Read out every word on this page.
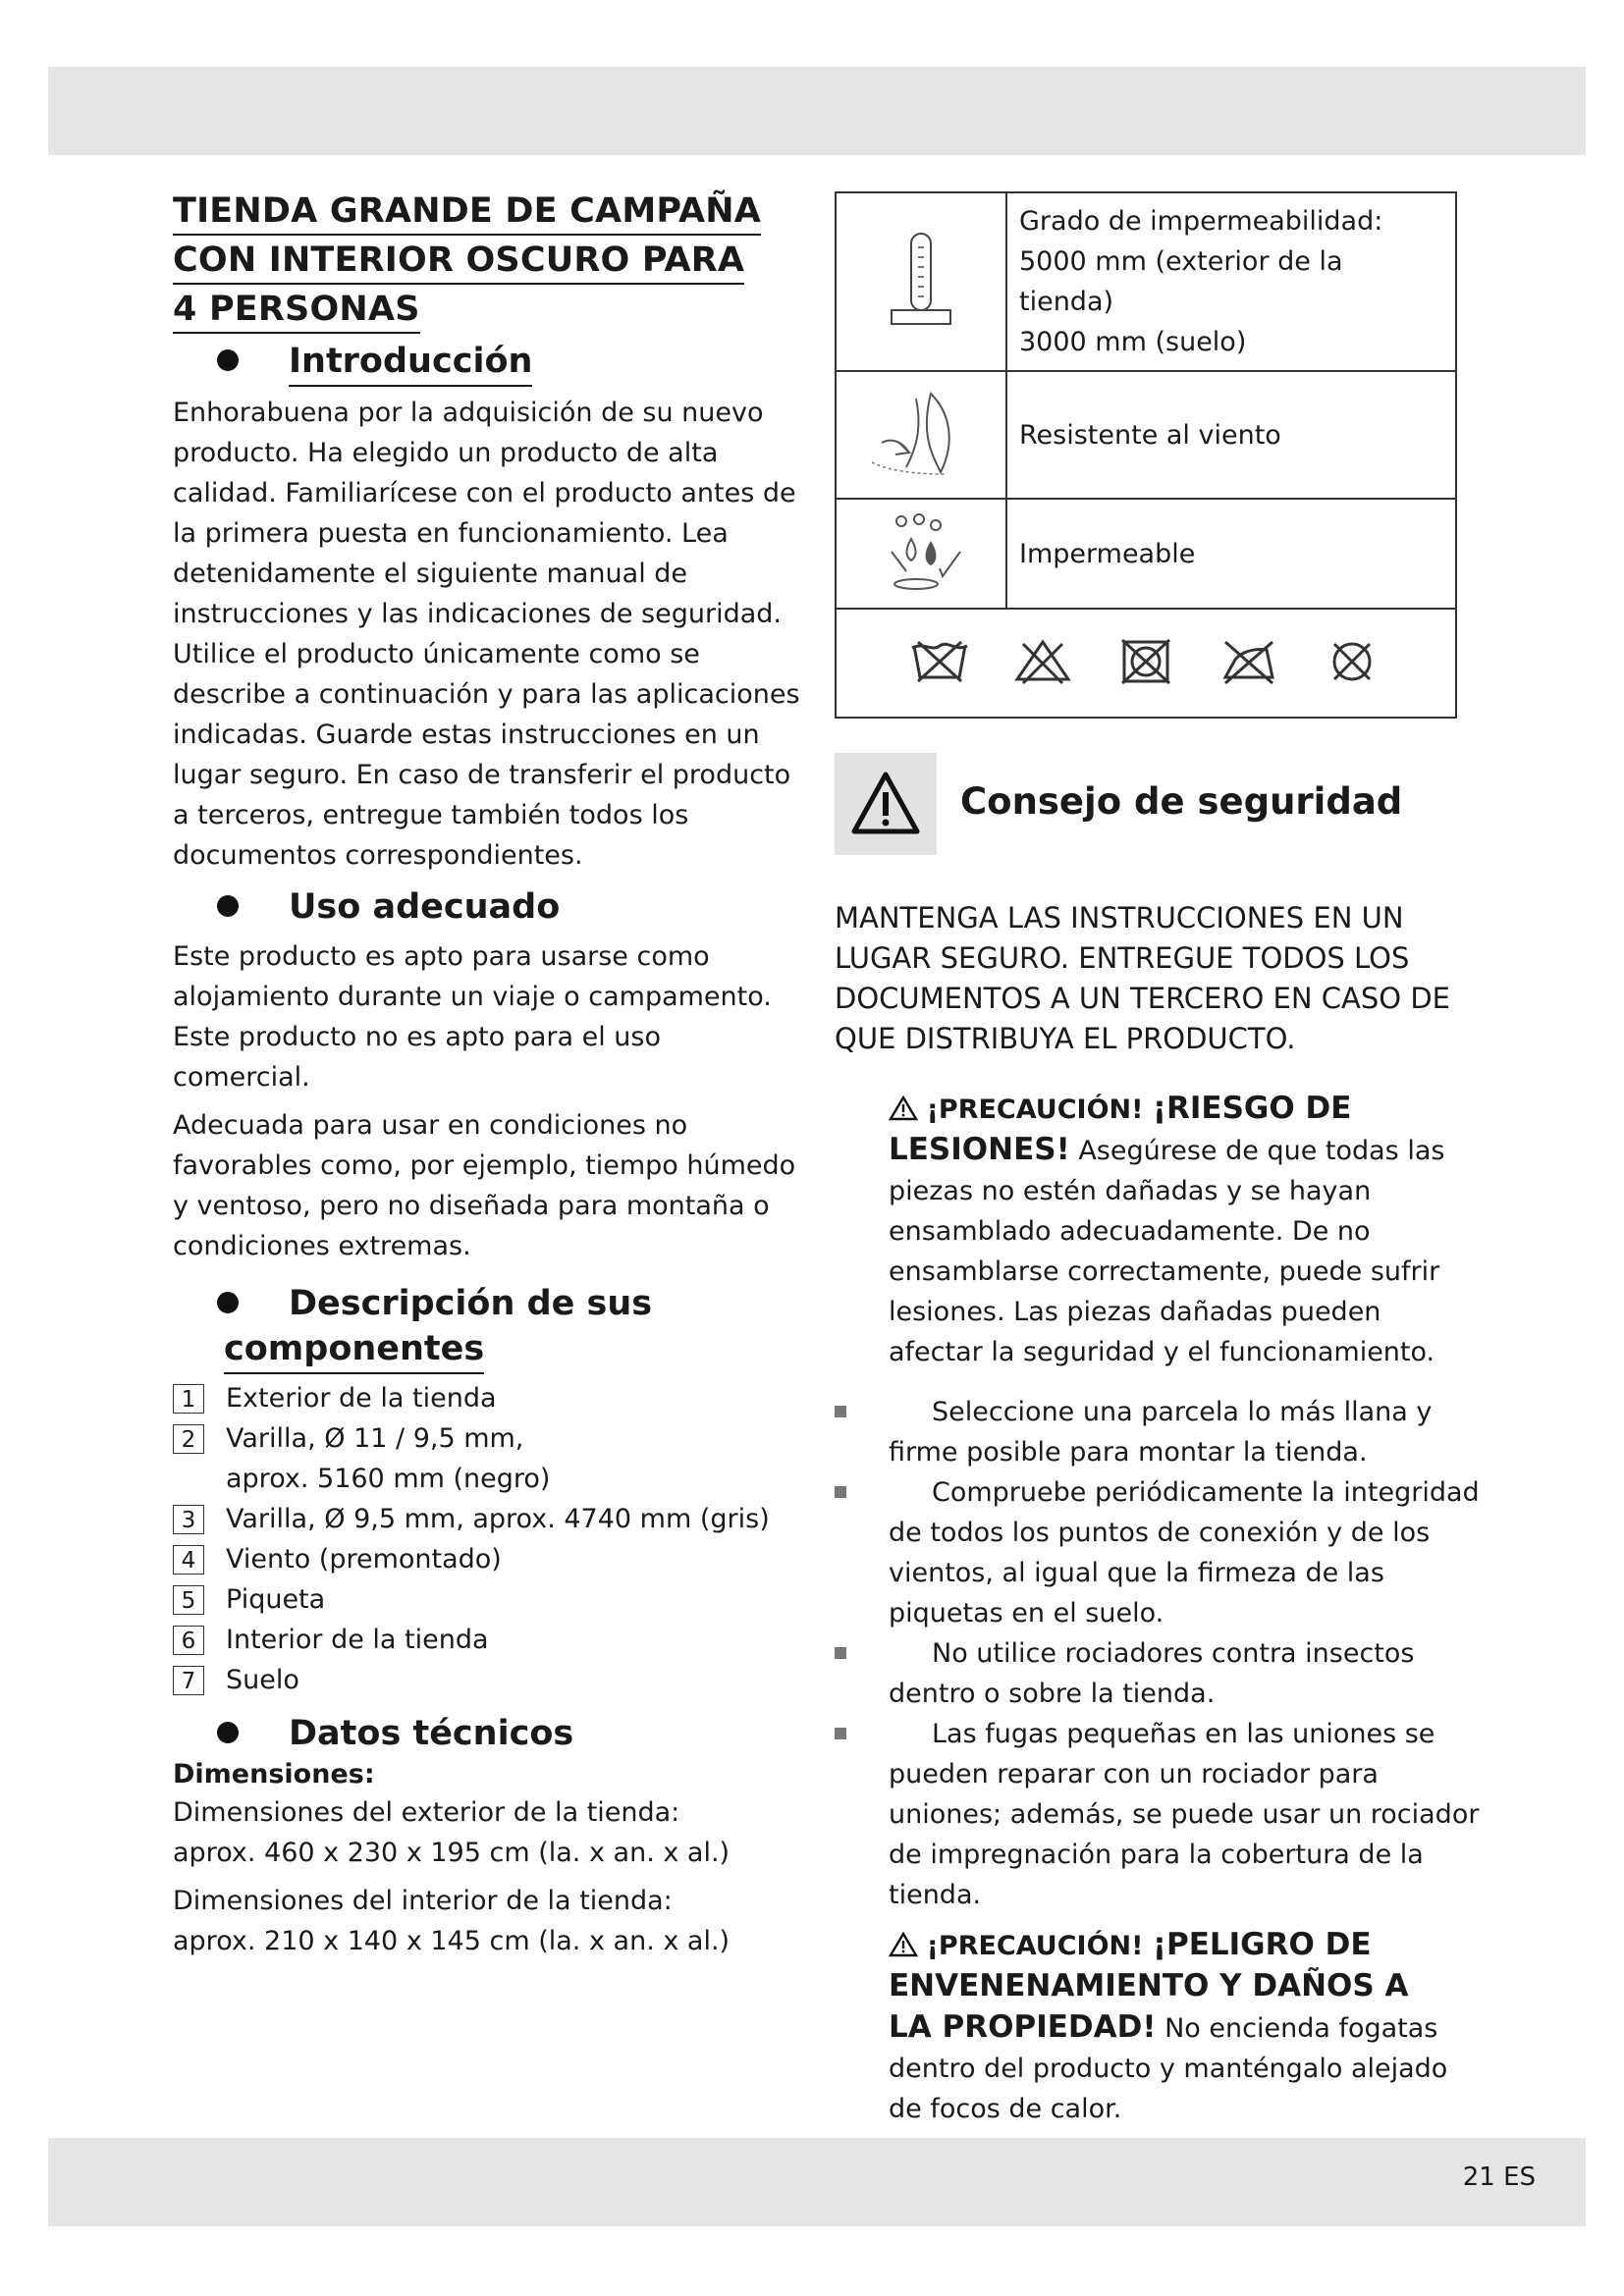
TIENDA GRANDE DE CAMPAÑA
CON INTERIOR OSCURO PARA
4 PERSONAS
Introducción

Enhorabuena por la adquisición de su nuevo producto. Ha elegido un producto de alta calidad. Familiarícese con el producto antes de la primera puesta en funcionamiento. Lea detenidamente el siguiente manual de instrucciones y las indicaciones de seguridad. Utilice el producto únicamente como se describe a continuación y para las aplicaciones indicadas. Guarde estas instrucciones en un lugar seguro. En caso de transferir el producto a terceros, entregue también todos los documentos correspondientes.

Uso adecuado

Este producto es apto para usarse como alojamiento durante un viaje o campamento. Este producto no es apto para el uso comercial.

Adecuada para usar en condiciones no favorables como, por ejemplo, tiempo húmedo y ventoso, pero no diseñada para montaña o condiciones extremas.

Descripción de sus
componentes
1	Exterior de la tienda
2	Varilla, Ø 11 / 9,5 mm,
aprox. 5160 mm (negro)
3	Varilla, Ø 9,5 mm, aprox. 4740 mm (gris)
4	Viento (premontado)
5	Piqueta
6	Interior de la tienda
7	Suelo
Datos técnicos

Dimensiones:

Dimensiones del exterior de la tienda:

aprox. 460 x 230 x 195 cm (la. x an. x al.)

Dimensiones del interior de la tienda:

aprox. 210 x 140 x 145 cm (la. x an. x al.)

	Grado de impermeabilidad:
5000 mm (exterior de la tienda)
3000 mm (suelo)
	Resistente al viento
	Impermeable

Consejo de seguridad

MANTENGA LAS INSTRUCCIONES EN UN LUGAR SEGURO. ENTREGUE TODOS LOS DOCUMENTOS A UN TERCERO EN CASO DE QUE DISTRIBUYA EL PRODUCTO.

¡PRECAUCIÓN! ¡RIESGO DE
LESIONES! Asegúrese de que todas las piezas no estén dañadas y se hayan ensamblado adecuadamente. De no ensamblarse correctamente, puede sufrir lesiones. Las piezas dañadas pueden afectar la seguridad y el funcionamiento.

Seleccione una parcela lo más llana y firme posible para montar la tienda.
Compruebe periódicamente la integridad de todos los puntos de conexión y de los vientos, al igual que la firmeza de las piquetas en el suelo.
No utilice rociadores contra insectos dentro o sobre la tienda.
Las fugas pequeñas en las uniones se pueden reparar con un rociador para uniones; además, se puede usar un rociador de impregnación para la cobertura de la tienda.

¡PRECAUCIÓN! ¡PELIGRO DE
ENVENENAMIENTO Y DAÑOS A
LA PROPIEDAD! No encienda fogatas dentro del producto y manténgalo alejado de focos de calor.

21 ES
